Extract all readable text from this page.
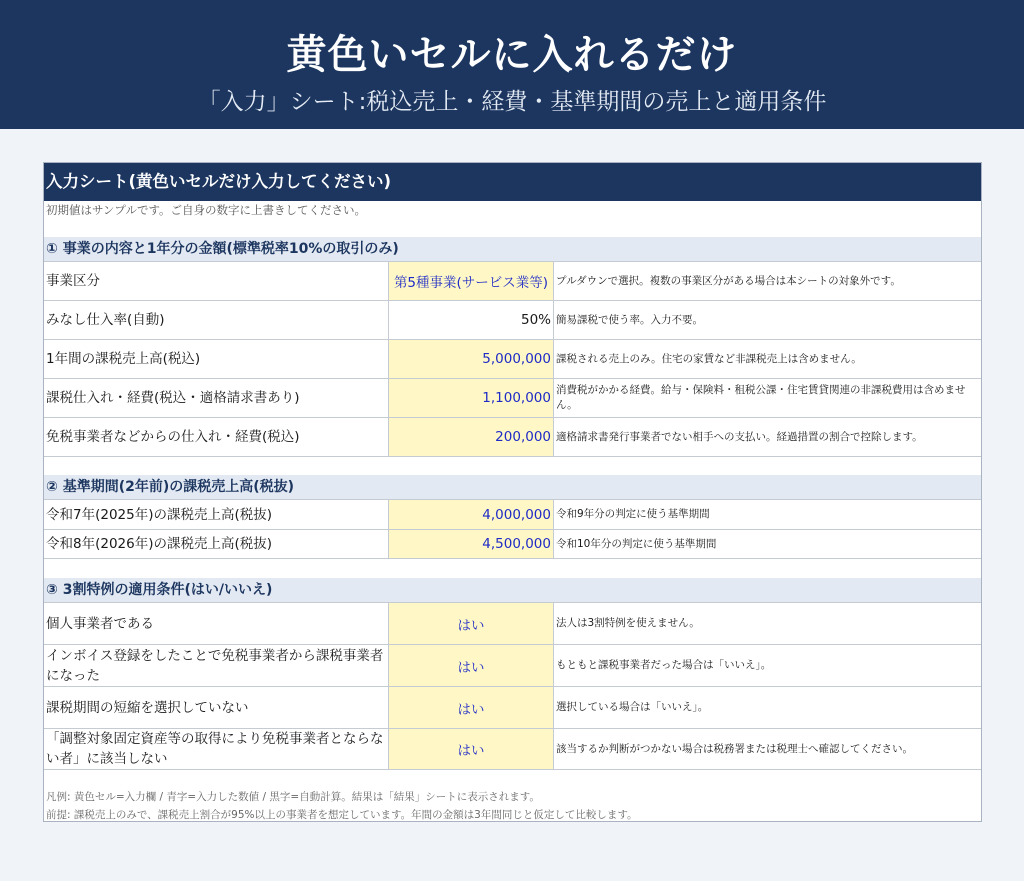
黄色いセルに入れるだけ
「入力」シート:税込売上・経費・基準期間の売上と適用条件
入力シート(黄色いセルだけ入力してください)
初期値はサンプルです。ご自身の数字に上書きしてください。
① 事業の内容と1年分の金額(標準税率10%の取引のみ)
事業区分	第5種事業(サービス業等) プルダウンで選択。複数の事業区分がある場合は本シートの対象外です。
みなし仕入率(自動)	50% 簡易課税で使う率。入力不要。
1年間の課税売上高(税込)	5,000,000 課税される売上のみ。住宅の家賃など非課税売上は含めません。
課税仕入れ・経費(税込・適格請求書あり)	1,100,000 消費税がかかる経費。給与・保険料・租税公課・住宅賃貸関連の非課税費用は含めません。
免税事業者などからの仕入れ・経費(税込)	200,000 適格請求書発行事業者でない相手への支払い。経過措置の割合で控除します。
② 基準期間(2年前)の課税売上高(税抜)
令和7年(2025年)の課税売上高(税抜)	4,000,000 令和9年分の判定に使う基準期間
令和8年(2026年)の課税売上高(税抜)	4,500,000 令和10年分の判定に使う基準期間
③ 3割特例の適用条件(はい/いいえ)
個人事業者である	はい	法人は3割特例を使えません。
インボイス登録をしたことで免税事業者から課税事業者になった	はい	もともと課税事業者だった場合は「いいえ」。
課税期間の短縮を選択していない	はい	選択している場合は「いいえ」。
「調整対象固定資産等の取得により免税事業者とならない者」に該当しない	はい	該当するか判断がつかない場合は税務署または税理士へ確認してください。
凡例: 黄色セル=入力欄 / 青字=入力した数値 / 黒字=自動計算。結果は「結果」シートに表示されます。
前提: 課税売上のみで、課税売上割合が95%以上の事業者を想定しています。年間の金額は3年間同じと仮定して比較します。
